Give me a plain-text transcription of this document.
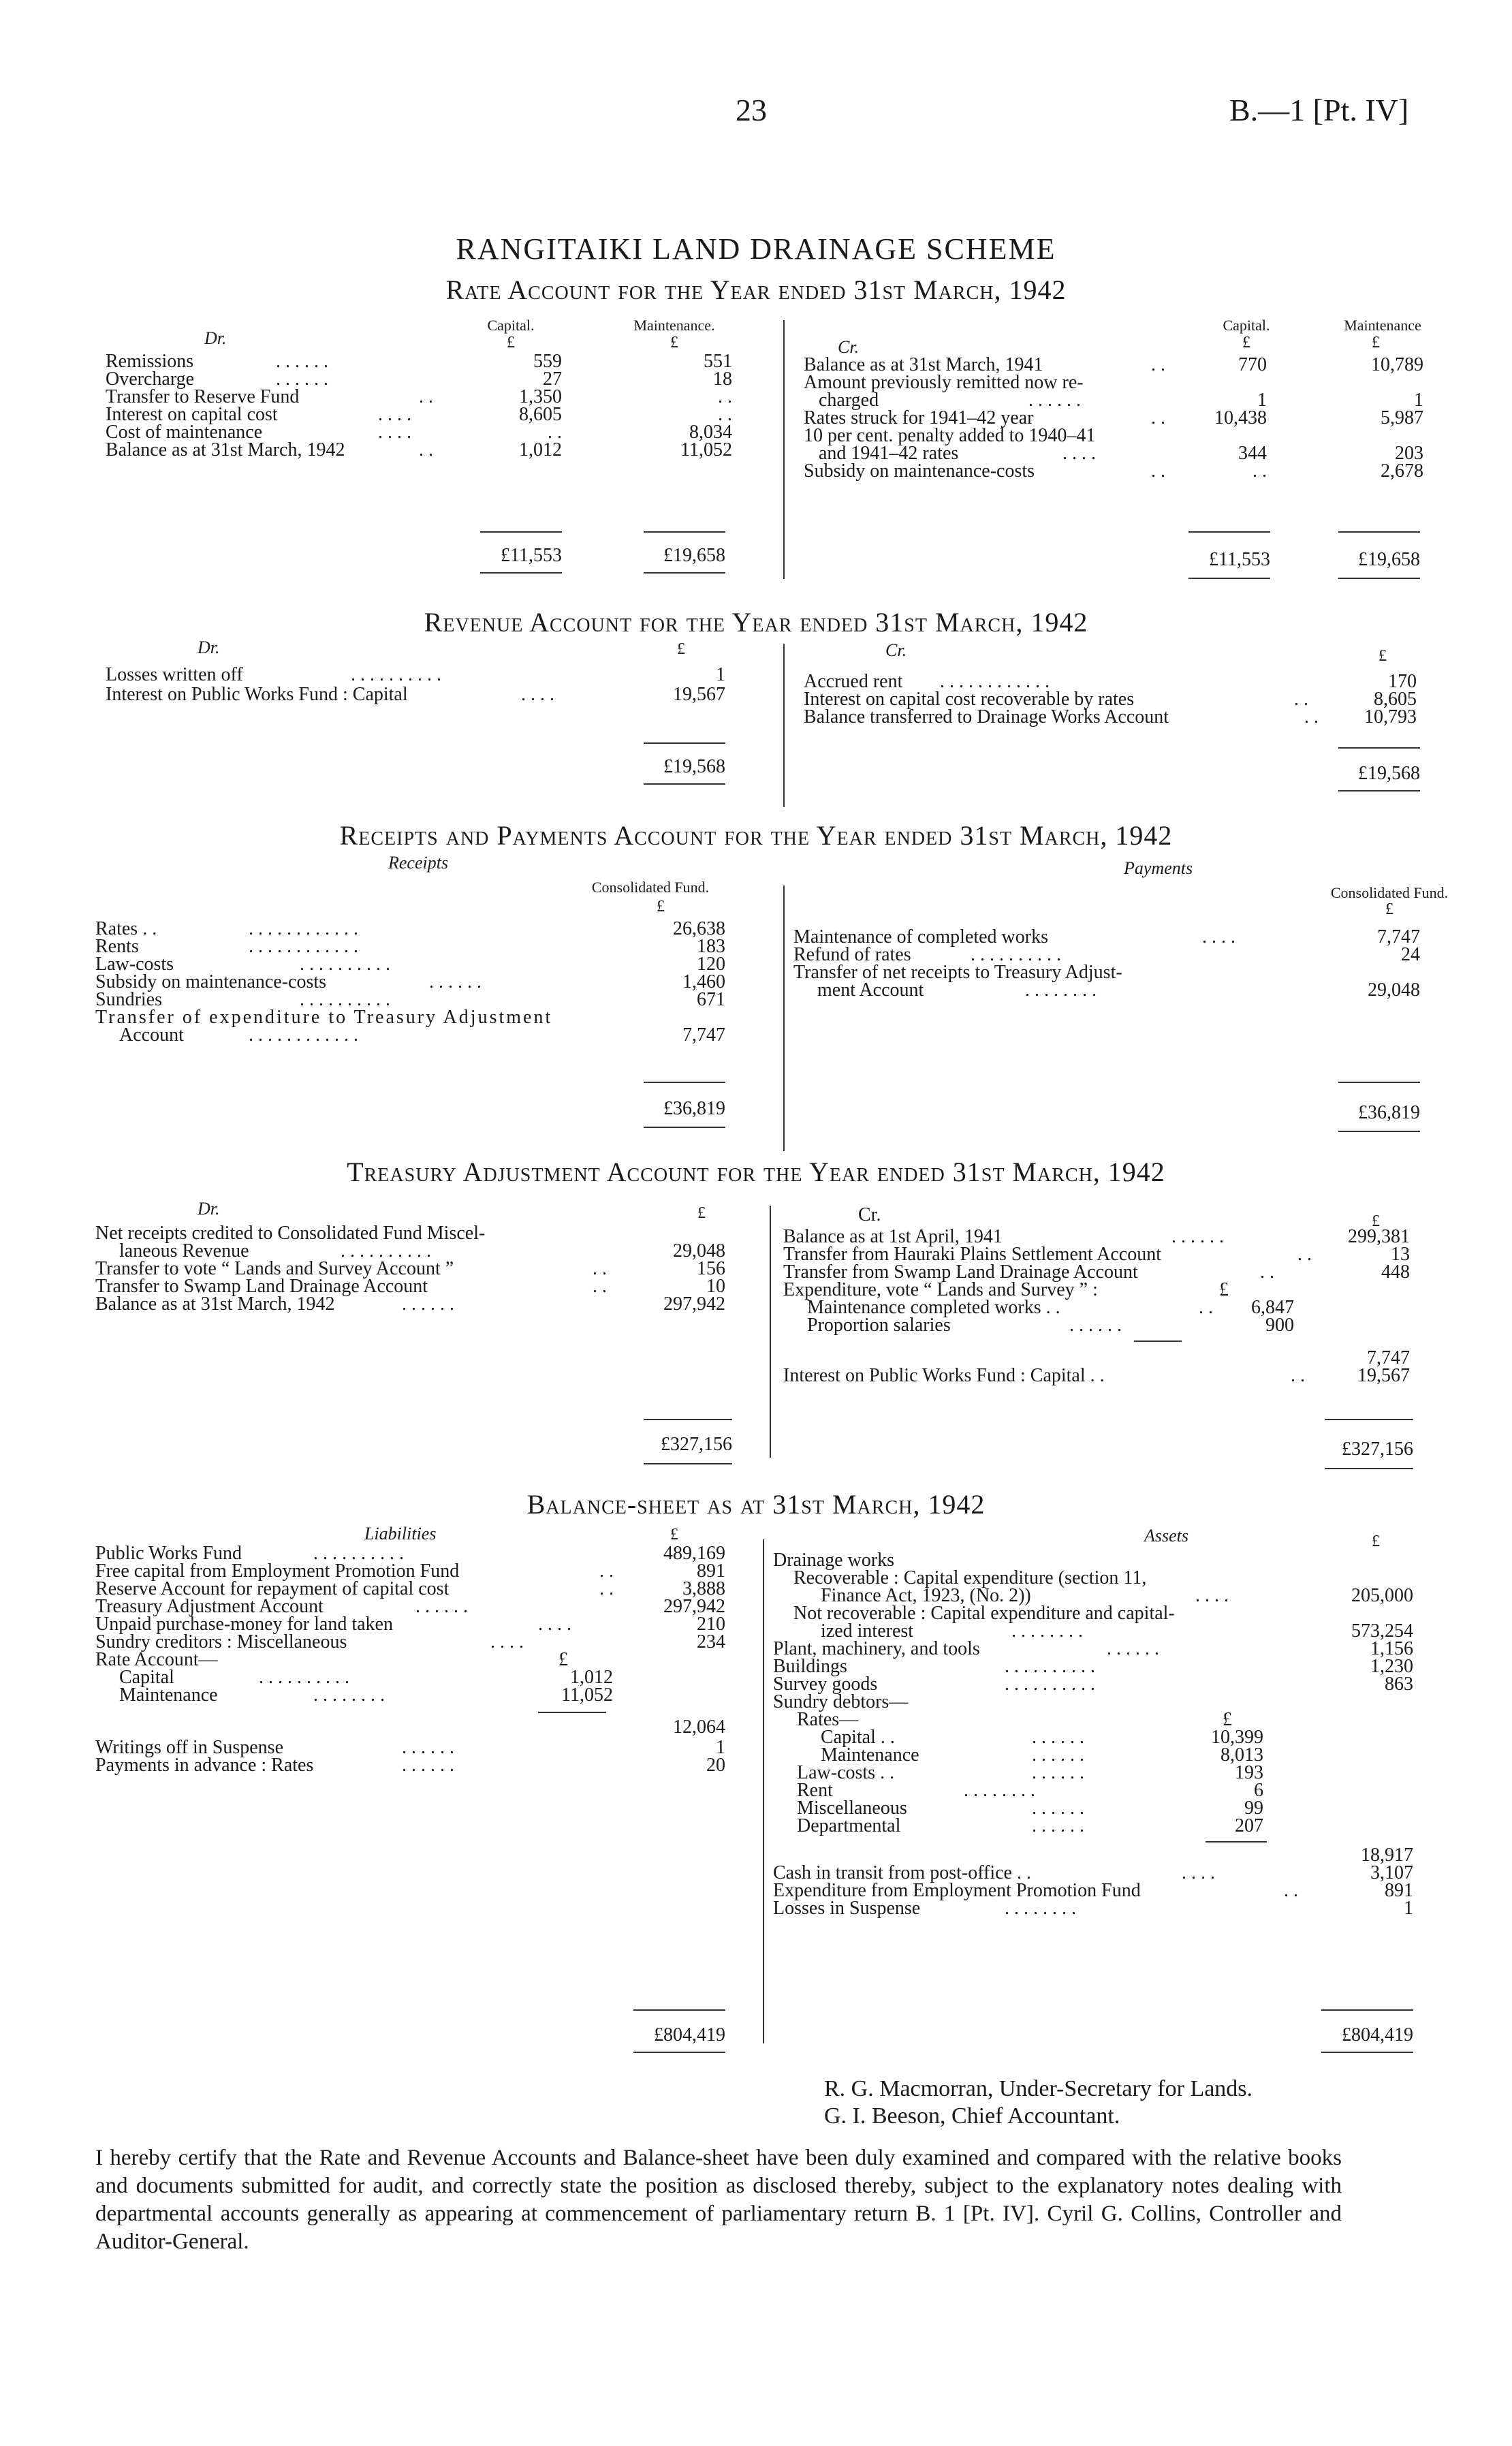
23	B.—1 [Pt. IV]
RANGITAIKI LAND DRAINAGE SCHEME
Rate Account for the Year ended 31st March, 1942
Capital.	Maintenance.
Dr.	£	£
Capital.	Maintenance
Cr.	£	£
Remissions	. . . . . .	559	551
Overcharge	. . . . . .	27	18
Transfer to Reserve Fund	. .	1,350	. .
Interest on capital cost	. . . .	8,605	. .
Cost of maintenance	. . . .	. .	8,034
Balance as at 31st March, 1942	. .	1,012	11,052
Balance as at 31st March, 1941	. .	770	10,789
Amount previously remitted now re-
charged	. . . . . .	1	1
Rates struck for 1941–42 year	. .	10,438	5,987
10 per cent. penalty added to 1940–41
and 1941–42 rates	. . . .	344	203
Subsidy on maintenance-costs	. .	. .	2,678
£11,553	£19,658	£11,553	£19,658
Revenue Account for the Year ended 31st March, 1942
Dr.	£	Cr.	£
Losses written off	. . . . . . . . . .	1
Interest on Public Works Fund : Capital	. . . .	19,567
Accrued rent . . . . . . . . . . . .	170
Interest on capital cost recoverable by rates	. .	8,605
Balance transferred to Drainage Works Account	. .	10,793
£19,568	£19,568
Receipts and Payments Account for the Year ended 31st March, 1942
Receipts
Consolidated Fund.
£
Payments
Consolidated Fund.
£
Rates . .	. . . . . . . . . . . .	26,638
Rents	. . . . . . . . . . . .	183
Law-costs	. . . . . . . . . .	120
Subsidy on maintenance-costs	. . . . . .	1,460
Sundries	. . . . . . . . . .	671
Transfer of expenditure to Treasury Adjustment
Account	. . . . . . . . . . . .	7,747
Maintenance of completed works	. . . .	7,747
Refund of rates	. . . . . . . . . .	24
Transfer of net receipts to Treasury Adjust-
ment Account	. . . . . . . .	29,048
£36,819	£36,819
Treasury Adjustment Account for the Year ended 31st March, 1942
Dr.	£	Cr.	£
Net receipts credited to Consolidated Fund Miscel-
laneous Revenue	. . . . . . . . . .	29,048
Transfer to vote “ Lands and Survey Account ”	. .	156
Transfer to Swamp Land Drainage Account	. .	10
Balance as at 31st March, 1942	. . . . . .	297,942
Balance as at 1st April, 1941	. . . . . .	299,381
Transfer from Hauraki Plains Settlement Account	. .	13
Transfer from Swamp Land Drainage Account	. .	448
Expenditure, vote “ Lands and Survey ” :	£
Maintenance completed works . .	. .	6,847
Proportion salaries	. . . . . .	900
7,747
Interest on Public Works Fund : Capital . .	. .	19,567
£327,156	£327,156
Balance-sheet as at 31st March, 1942
Liabilities	£	Assets	£
Public Works Fund	. . . . . . . . . .	489,169
Free capital from Employment Promotion Fund	. .	891
Reserve Account for repayment of capital cost	. .	3,888
Treasury Adjustment Account	. . . . . .	297,942
Unpaid purchase-money for land taken	. . . .	210
Sundry creditors : Miscellaneous	. . . .	234
Rate Account—	£
Capital	. . . . . . . . . .	1,012
Maintenance	. . . . . . . .	11,052
12,064
Writings off in Suspense	. . . . . .	1
Payments in advance : Rates	. . . . . .	20
Drainage works
Recoverable : Capital expenditure (section 11,
Finance Act, 1923, (No. 2))	. . . .	205,000
Not recoverable : Capital expenditure and capital-
ized interest	. . . . . . . .	573,254
Plant, machinery, and tools	. . . . . .	1,156
Buildings	. . . . . . . . . .	1,230
Survey goods	. . . . . . . . . .	863
Sundry debtors—
Rates—	£
Capital . .	. . . . . .	10,399
Maintenance	. . . . . .	8,013
Law-costs . .	. . . . . .	193
Rent	. . . . . . . .	6
Miscellaneous	. . . . . .	99
Departmental	. . . . . .	207
18,917
Cash in transit from post-office . .	. . . .	3,107
Expenditure from Employment Promotion Fund	. .	891
Losses in Suspense	. . . . . . . .	1
£804,419	£804,419
R. G. Macmorran, Under-Secretary for Lands.
G. I. Beeson, Chief Accountant.
I hereby certify that the Rate and Revenue Accounts and Balance-sheet have been duly examined and compared with the relative books and documents submitted for audit, and correctly state the position as disclosed thereby, subject to the explanatory notes dealing with departmental accounts generally as appearing at commencement of parliamentary return B. 1 [Pt. IV]. Cyril G. Collins, Controller and Auditor-General.
